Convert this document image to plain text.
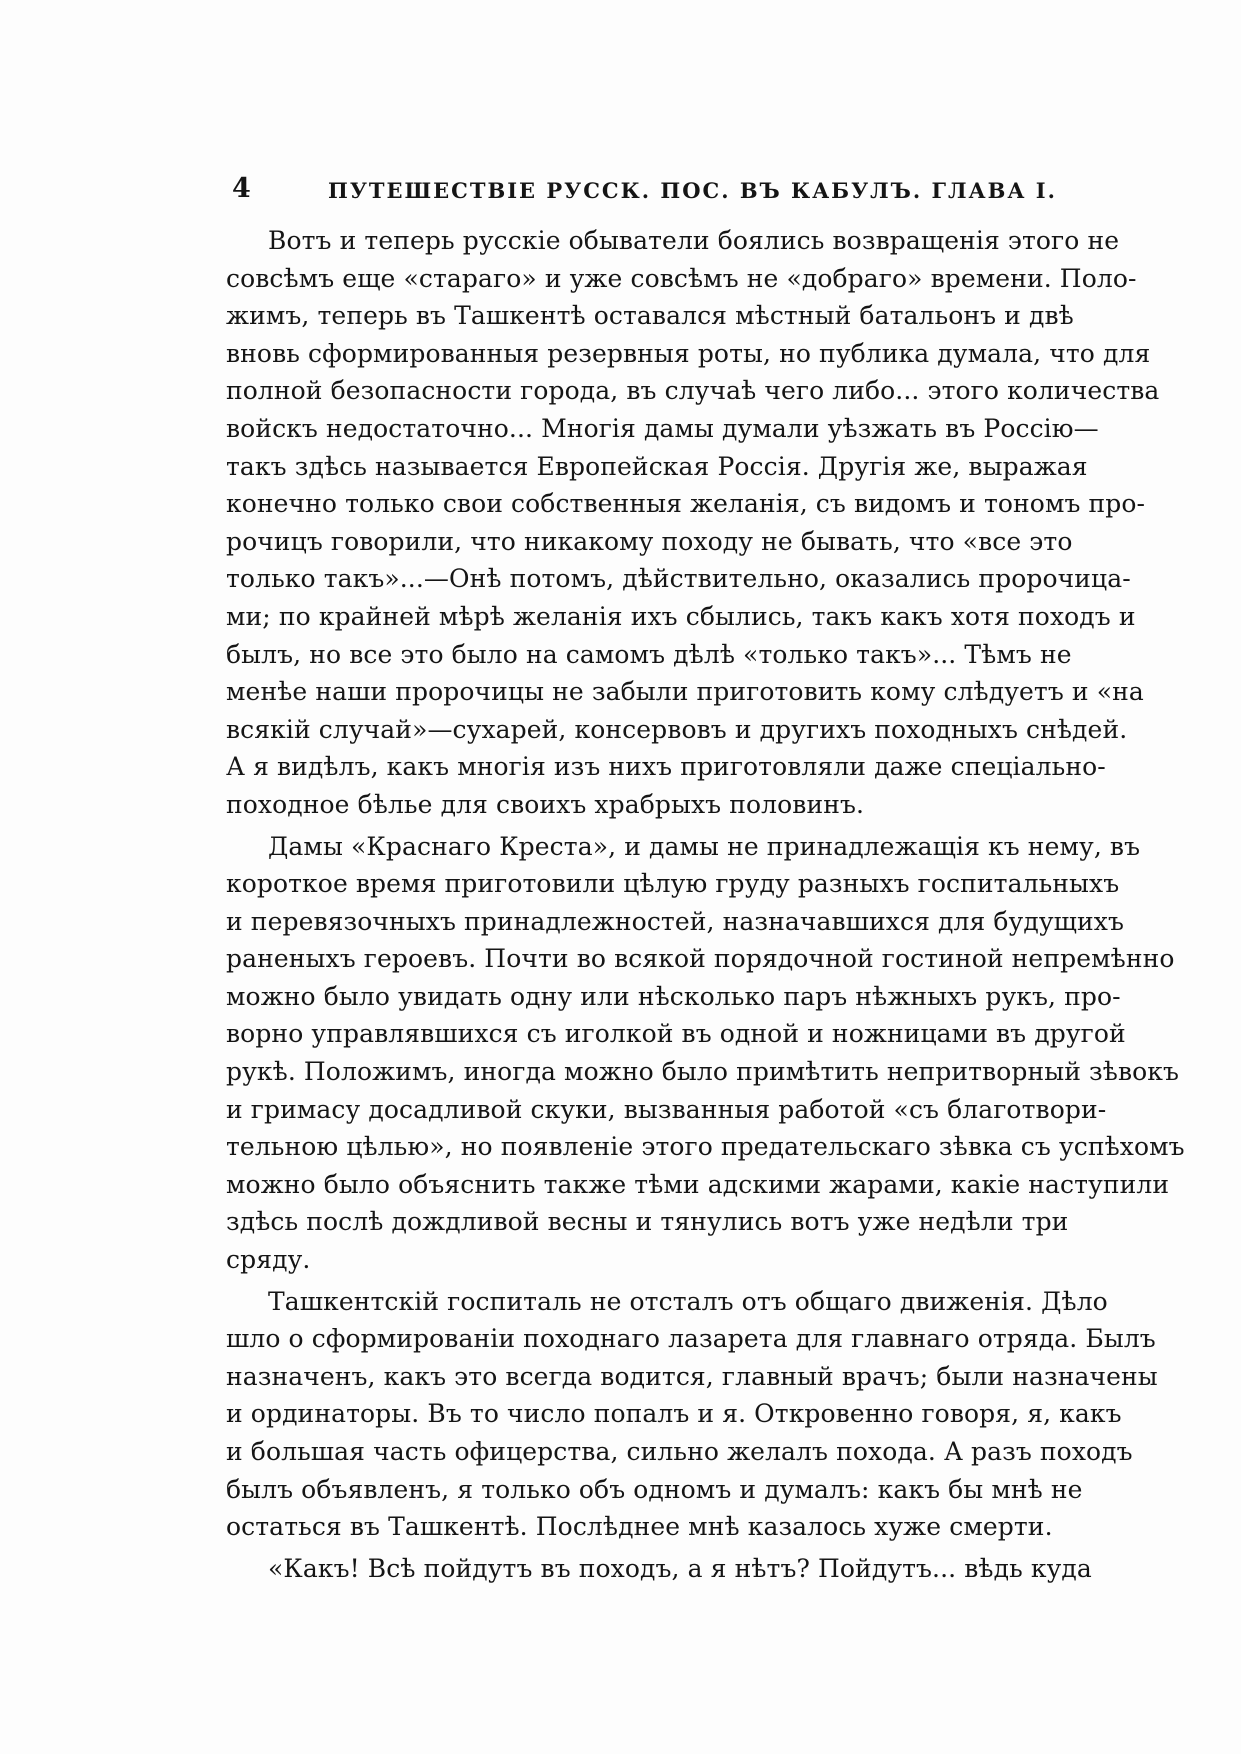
4	ПУТЕШЕСТВІЕ РУСCК. ПОС. ВЪ КАБУЛЪ. ГЛАВА I.
Вотъ и теперь русскіе обыватели боялись возвращенія этого не
совсѣмъ еще «стараго» и уже совсѣмъ не «добраго» времени. Поло-
жимъ, теперь въ Ташкентѣ оставался мѣстный батальонъ и двѣ
вновь сформированныя резервныя роты, но публика думала, что для
полной безопасности города, въ случаѣ чего либо... этого количества
войскъ недостаточно... Многія дамы думали уѣзжать въ Россію—
такъ здѣсь называется Европейская Россія. Другія же, выражая
конечно только свои собственныя желанія, съ видомъ и тономъ про-
рочицъ говорили, что никакому походу не бывать, что «все это
только такъ»...—Онѣ потомъ, дѣйствительно, оказались пророчица-
ми; по крайней мѣрѣ желанія ихъ сбылись, такъ какъ хотя походъ и
былъ, но все это было на самомъ дѣлѣ «только такъ»... Тѣмъ не
менѣе наши пророчицы не забыли приготовить кому слѣдуетъ и «на
всякій случай»—сухарей, консервовъ и другихъ походныхъ снѣдей.
А я видѣлъ, какъ многія изъ нихъ приготовляли даже спеціально-
походное бѣлье для своихъ храбрыхъ половинъ.
Дамы «Краснаго Креста», и дамы не принадлежащія къ нему, въ
короткое время приготовили цѣлую груду разныхъ госпитальныхъ
и перевязочныхъ принадлежностей, назначавшихся для будущихъ
раненыхъ героевъ. Почти во всякой порядочной гостиной непремѣнно
можно было увидать одну или нѣсколько паръ нѣжныхъ рукъ, про-
ворно управлявшихся съ иголкой въ одной и ножницами въ другой
рукѣ. Положимъ, иногда можно было примѣтить непритворный зѣвокъ
и гримасу досадливой скуки, вызванныя работой «съ благотвори-
тельною цѣлью», но появленіе этого предательскаго зѣвка съ успѣхомъ
можно было объяснить также тѣми адскими жарами, какіе наступили
здѣсь послѣ дождливой весны и тянулись вотъ уже недѣли три
сряду.
Ташкентскій госпиталь не отсталъ отъ общаго движенія. Дѣло
шло о сформированіи походнаго лазарета для главнаго отряда. Былъ
назначенъ, какъ это всегда водится, главный врачъ; были назначены
и ординаторы. Въ то число попалъ и я. Откровенно говоря, я, какъ
и большая часть офицерства, сильно желалъ похода. А разъ походъ
былъ объявленъ, я только объ одномъ и думалъ: какъ бы мнѣ не
остаться въ Ташкентѣ. Послѣднее мнѣ казалось хуже смерти.
«Какъ! Всѣ пойдутъ въ походъ, а я нѣтъ? Пойдутъ... вѣдь куда
